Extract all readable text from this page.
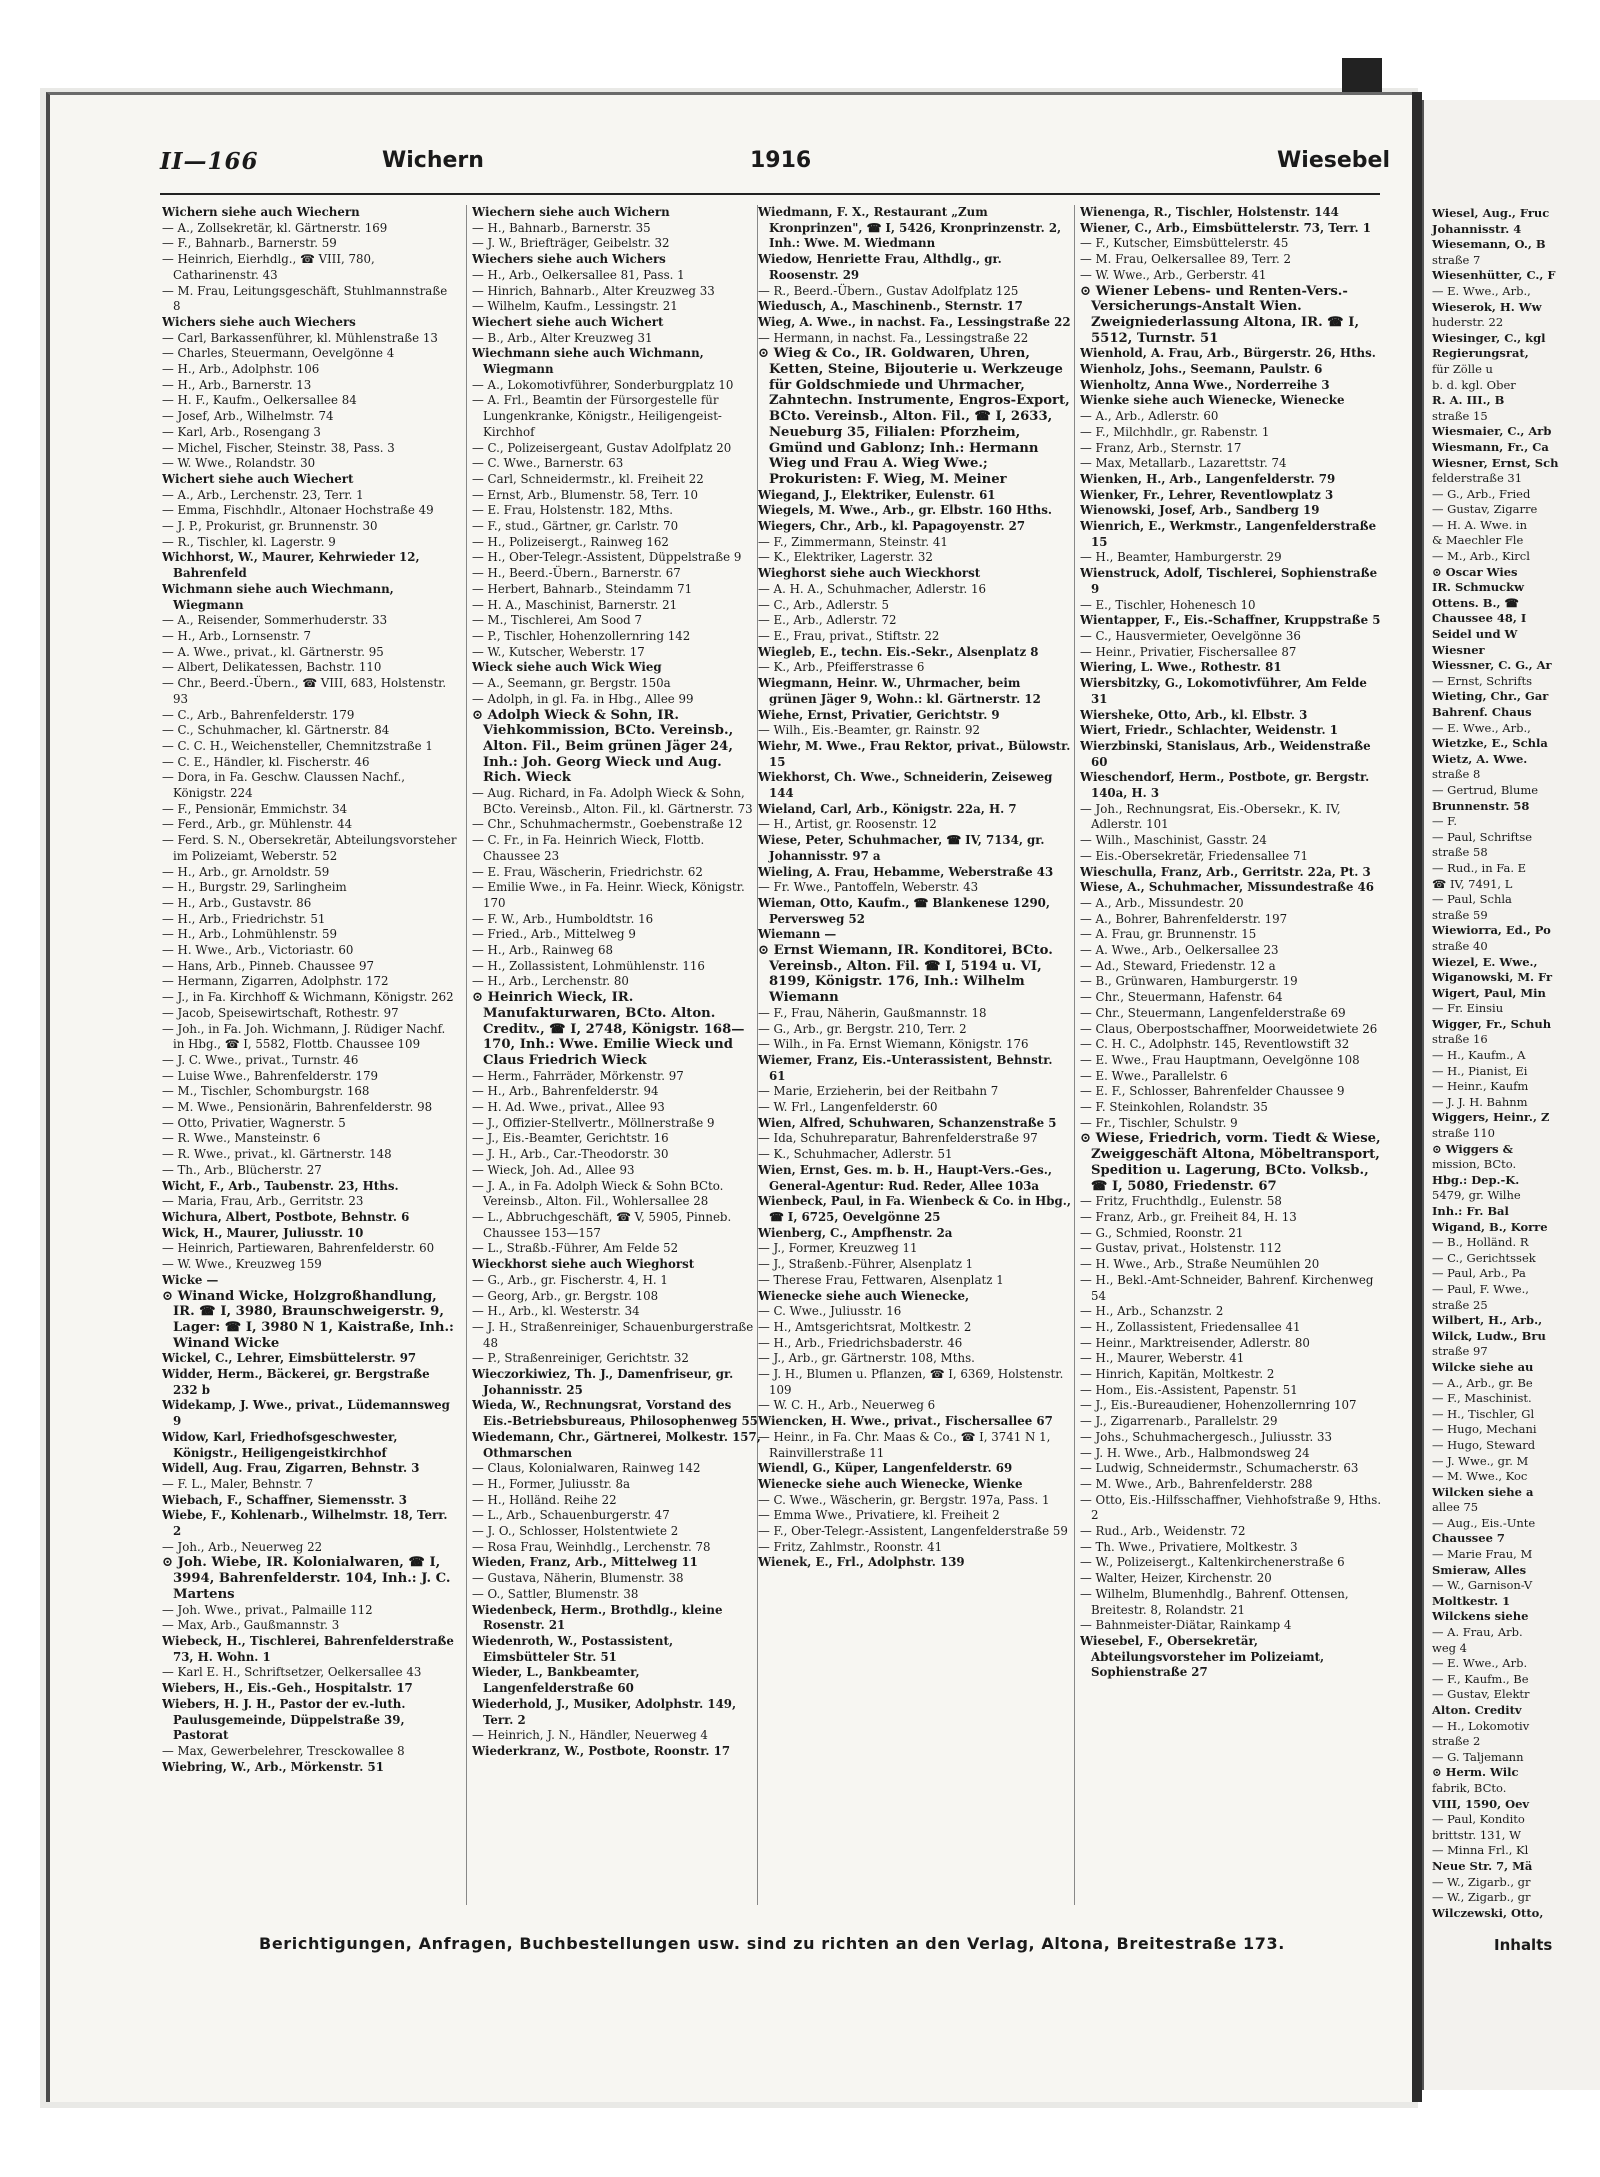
II—166	Wichern	1916	Wiesebel

Wichern siehe auch Wiechern

— A., Zollsekretär, kl. Gärtnerstr. 169

— F., Bahnarb., Barnerstr. 59

— Heinrich, Eierhdlg., ☎ VIII, 780, Catharinenstr. 43

— M. Frau, Leitungsgeschäft, Stuhlmannstraße 8

Wichers siehe auch Wiechers

— Carl, Barkassenführer, kl. Mühlenstraße 13

— Charles, Steuermann, Oevelgönne 4

— H., Arb., Adolphstr. 106

— H., Arb., Barnerstr. 13

— H. F., Kaufm., Oelkersallee 84

— Josef, Arb., Wilhelmstr. 74

— Karl, Arb., Rosengang 3

— Michel, Fischer, Steinstr. 38, Pass. 3

— W. Wwe., Rolandstr. 30

Wichert siehe auch Wiechert

— A., Arb., Lerchenstr. 23, Terr. 1

— Emma, Fischhdlr., Altonaer Hochstraße 49

— J. P., Prokurist, gr. Brunnenstr. 30

— R., Tischler, kl. Lagerstr. 9

Wichhorst, W., Maurer, Kehrwieder 12, Bahrenfeld

Wichmann siehe auch Wiechmann, Wiegmann

— A., Reisender, Sommerhuderstr. 33

— H., Arb., Lornsenstr. 7

— A. Wwe., privat., kl. Gärtnerstr. 95

— Albert, Delikatessen, Bachstr. 110

— Chr., Beerd.-Übern., ☎ VIII, 683, Holstenstr. 93

— C., Arb., Bahrenfelderstr. 179

— C., Schuhmacher, kl. Gärtnerstr. 84

— C. C. H., Weichensteller, Chemnitzstraße 1

— C. E., Händler, kl. Fischerstr. 46

— Dora, in Fa. Geschw. Claussen Nachf., Königstr. 224

— F., Pensionär, Emmichstr. 34

— Ferd., Arb., gr. Mühlenstr. 44

— Ferd. S. N., Obersekretär, Abteilungsvorsteher im Polizeiamt, Weberstr. 52

— H., Arb., gr. Arnoldstr. 59

— H., Burgstr. 29, Sarlingheim

— H., Arb., Gustavstr. 86

— H., Arb., Friedrichstr. 51

— H., Arb., Lohmühlenstr. 59

— H. Wwe., Arb., Victoriastr. 60

— Hans, Arb., Pinneb. Chaussee 97

— Hermann, Zigarren, Adolphstr. 172

— J., in Fa. Kirchhoff & Wichmann, Königstr. 262

— Jacob, Speisewirtschaft, Rothestr. 97

— Joh., in Fa. Joh. Wichmann, J. Rüdiger Nachf. in Hbg., ☎ I, 5582, Flottb. Chaussee 109

— J. C. Wwe., privat., Turnstr. 46

— Luise Wwe., Bahrenfelderstr. 179

— M., Tischler, Schomburgstr. 168

— M. Wwe., Pensionärin, Bahrenfelderstr. 98

— Otto, Privatier, Wagnerstr. 5

— R. Wwe., Mansteinstr. 6

— R. Wwe., privat., kl. Gärtnerstr. 148

— Th., Arb., Blücherstr. 27

Wicht, F., Arb., Taubenstr. 23, Hths.

— Maria, Frau, Arb., Gerritstr. 23

Wichura, Albert, Postbote, Behnstr. 6

Wick, H., Maurer, Juliusstr. 10

— Heinrich, Partiewaren, Bahrenfelderstr. 60

— W. Wwe., Kreuzweg 159

Wicke —

⊙ Winand Wicke, Holzgroßhandlung, IR. ☎ I, 3980, Braunschweigerstr. 9, Lager: ☎ I, 3980 N 1, Kaistraße, Inh.: Winand Wicke

Wickel, C., Lehrer, Eimsbüttelerstr. 97

Widder, Herm., Bäckerei, gr. Bergstraße 232 b

Widekamp, J. Wwe., privat., Lüdemannsweg 9

Widow, Karl, Friedhofsgeschwester, Königstr., Heiligengeistkirchhof

Widell, Aug. Frau, Zigarren, Behnstr. 3

— F. L., Maler, Behnstr. 7

Wiebach, F., Schaffner, Siemensstr. 3

Wiebe, F., Kohlenarb., Wilhelmstr. 18, Terr. 2

— Joh., Arb., Neuerweg 22

⊙ Joh. Wiebe, IR. Kolonialwaren, ☎ I, 3994, Bahrenfelderstr. 104, Inh.: J. C. Martens

— Joh. Wwe., privat., Palmaille 112

— Max, Arb., Gaußmannstr. 3

Wiebeck, H., Tischlerei, Bahrenfelderstraße 73, H. Wohn. 1

— Karl E. H., Schriftsetzer, Oelkersallee 43

Wiebers, H., Eis.-Geh., Hospitalstr. 17

Wiebers, H. J. H., Pastor der ev.-luth. Paulusgemeinde, Düppelstraße 39, Pastorat

— Max, Gewerbelehrer, Tresckowallee 8

Wiebring, W., Arb., Mörkenstr. 51

Wiechern siehe auch Wichern

— H., Bahnarb., Barnerstr. 35

— J. W., Briefträger, Geibelstr. 32

Wiechers siehe auch Wichers

— H., Arb., Oelkersallee 81, Pass. 1

— Hinrich, Bahnarb., Alter Kreuzweg 33

— Wilhelm, Kaufm., Lessingstr. 21

Wiechert siehe auch Wichert

— B., Arb., Alter Kreuzweg 31

Wiechmann siehe auch Wichmann, Wiegmann

— A., Lokomotivführer, Sonderburgplatz 10

— A. Frl., Beamtin der Fürsorgestelle für Lungenkranke, Königstr., Heiligengeist-Kirchhof

— C., Polizeisergeant, Gustav Adolfplatz 20

— C. Wwe., Barnerstr. 63

— Carl, Schneidermstr., kl. Freiheit 22

— Ernst, Arb., Blumenstr. 58, Terr. 10

— E. Frau, Holstenstr. 182, Mths.

— F., stud., Gärtner, gr. Carlstr. 70

— H., Polizeisergt., Rainweg 162

— H., Ober-Telegr.-Assistent, Düppelstraße 9

— H., Beerd.-Übern., Barnerstr. 67

— Herbert, Bahnarb., Steindamm 71

— H. A., Maschinist, Barnerstr. 21

— M., Tischlerei, Am Sood 7

— P., Tischler, Hohenzollernring 142

— W., Kutscher, Weberstr. 17

Wieck siehe auch Wick Wieg

— A., Seemann, gr. Bergstr. 150a

— Adolph, in gl. Fa. in Hbg., Allee 99

⊙ Adolph Wieck & Sohn, IR. Viehkommission, BCto. Vereinsb., Alton. Fil., Beim grünen Jäger 24, Inh.: Joh. Georg Wieck und Aug. Rich. Wieck

— Aug. Richard, in Fa. Adolph Wieck & Sohn, BCto. Vereinsb., Alton. Fil., kl. Gärtnerstr. 73

— Chr., Schuhmachermstr., Goebenstraße 12

— C. Fr., in Fa. Heinrich Wieck, Flottb. Chaussee 23

— E. Frau, Wäscherin, Friedrichstr. 62

— Emilie Wwe., in Fa. Heinr. Wieck, Königstr. 170

— F. W., Arb., Humboldtstr. 16

— Fried., Arb., Mittelweg 9

— H., Arb., Rainweg 68

— H., Zollassistent, Lohmühlenstr. 116

— H., Arb., Lerchenstr. 80

⊙ Heinrich Wieck, IR. Manufakturwaren, BCto. Alton. Creditv., ☎ I, 2748, Königstr. 168—170, Inh.: Wwe. Emilie Wieck und Claus Friedrich Wieck

— Herm., Fahrräder, Mörkenstr. 97

— H., Arb., Bahrenfelderstr. 94

— H. Ad. Wwe., privat., Allee 93

— J., Offizier-Stellvertr., Möllnerstraße 9

— J., Eis.-Beamter, Gerichtstr. 16

— J. H., Arb., Car.-Theodorstr. 30

— Wieck, Joh. Ad., Allee 93

— J. A., in Fa. Adolph Wieck & Sohn BCto. Vereinsb., Alton. Fil., Wohlersallee 28

— L., Abbruchgeschäft, ☎ V, 5905, Pinneb. Chaussee 153—157

— L., Straßb.-Führer, Am Felde 52

Wieckhorst siehe auch Wieghorst

— G., Arb., gr. Fischerstr. 4, H. 1

— Georg, Arb., gr. Bergstr. 108

— H., Arb., kl. Westerstr. 34

— J. H., Straßenreiniger, Schauenburgerstraße 48

— P., Straßenreiniger, Gerichtstr. 32

Wieczorkiwiez, Th. J., Damenfriseur, gr. Johannisstr. 25

Wieda, W., Rechnungsrat, Vorstand des Eis.-Betriebsbureaus, Philosophenweg 55

Wiedemann, Chr., Gärtnerei, Molkestr. 157, Othmarschen

— Claus, Kolonialwaren, Rainweg 142

— H., Former, Juliusstr. 8a

— H., Holländ. Reihe 22

— L., Arb., Schauenburgerstr. 47

— J. O., Schlosser, Holstentwiete 2

— Rosa Frau, Weinhdlg., Lerchenstr. 78

Wieden, Franz, Arb., Mittelweg 11

— Gustava, Näherin, Blumenstr. 38

— O., Sattler, Blumenstr. 38

Wiedenbeck, Herm., Brothdlg., kleine Rosenstr. 21

Wiedenroth, W., Postassistent, Eimsbütteler Str. 51

Wieder, L., Bankbeamter, Langenfelderstraße 60

Wiederhold, J., Musiker, Adolphstr. 149, Terr. 2

— Heinrich, J. N., Händler, Neuerweg 4

Wiederkranz, W., Postbote, Roonstr. 17

Wiedmann, F. X., Restaurant „Zum Kronprinzen", ☎ I, 5426, Kronprinzenstr. 2, Inh.: Wwe. M. Wiedmann

Wiedow, Henriette Frau, Althdlg., gr. Roosenstr. 29

— R., Beerd.-Übern., Gustav Adolfplatz 125

Wiedusch, A., Maschinenb., Sternstr. 17

Wieg, A. Wwe., in nachst. Fa., Lessingstraße 22

— Hermann, in nachst. Fa., Lessingstraße 22

⊙ Wieg & Co., IR. Goldwaren, Uhren, Ketten, Steine, Bijouterie u. Werkzeuge für Goldschmiede und Uhrmacher, Zahntechn. Instrumente, Engros-Export, BCto. Vereinsb., Alton. Fil., ☎ I, 2633, Neueburg 35, Filialen: Pforzheim, Gmünd und Gablonz; Inh.: Hermann Wieg und Frau A. Wieg Wwe.; Prokuristen: F. Wieg, M. Meiner

Wiegand, J., Elektriker, Eulenstr. 61

Wiegels, M. Wwe., Arb., gr. Elbstr. 160 Hths.

Wiegers, Chr., Arb., kl. Papagoyenstr. 27

— F., Zimmermann, Steinstr. 41

— K., Elektriker, Lagerstr. 32

Wieghorst siehe auch Wieckhorst

— A. H. A., Schuhmacher, Adlerstr. 16

— C., Arb., Adlerstr. 5

— E., Arb., Adlerstr. 72

— E., Frau, privat., Stiftstr. 22

Wiegleb, E., techn. Eis.-Sekr., Alsenplatz 8

— K., Arb., Pfeifferstrasse 6

Wiegmann, Heinr. W., Uhrmacher, beim grünen Jäger 9, Wohn.: kl. Gärtnerstr. 12

Wiehe, Ernst, Privatier, Gerichtstr. 9

— Wilh., Eis.-Beamter, gr. Rainstr. 92

Wiehr, M. Wwe., Frau Rektor, privat., Bülowstr. 15

Wiekhorst, Ch. Wwe., Schneiderin, Zeiseweg 144

Wieland, Carl, Arb., Königstr. 22a, H. 7

— H., Artist, gr. Roosenstr. 12

Wiese, Peter, Schuhmacher, ☎ IV, 7134, gr. Johannisstr. 97 a

Wieling, A. Frau, Hebamme, Weberstraße 43

— Fr. Wwe., Pantoffeln, Weberstr. 43

Wieman, Otto, Kaufm., ☎ Blankenese 1290, Perversweg 52

Wiemann —

⊙ Ernst Wiemann, IR. Konditorei, BCto. Vereinsb., Alton. Fil. ☎ I, 5194 u. VI, 8199, Königstr. 176, Inh.: Wilhelm Wiemann

— F., Frau, Näherin, Gaußmannstr. 18

— G., Arb., gr. Bergstr. 210, Terr. 2

— Wilh., in Fa. Ernst Wiemann, Königstr. 176

Wiemer, Franz, Eis.-Unterassistent, Behnstr. 61

— Marie, Erzieherin, bei der Reitbahn 7

— W. Frl., Langenfelderstr. 60

Wien, Alfred, Schuhwaren, Schanzenstraße 5

— Ida, Schuhreparatur, Bahrenfelderstraße 97

— K., Schuhmacher, Adlerstr. 51

Wien, Ernst, Ges. m. b. H., Haupt-Vers.-Ges., General-Agentur: Rud. Reder, Allee 103a

Wienbeck, Paul, in Fa. Wienbeck & Co. in Hbg., ☎ I, 6725, Oevelgönne 25

Wienberg, C., Ampfhenstr. 2a

— J., Former, Kreuzweg 11

— J., Straßenb.-Führer, Alsenplatz 1

— Therese Frau, Fettwaren, Alsenplatz 1

Wienecke siehe auch Wienecke,

— C. Wwe., Juliusstr. 16

— H., Amtsgerichtsrat, Moltkestr. 2

— H., Arb., Friedrichsbaderstr. 46

— J., Arb., gr. Gärtnerstr. 108, Mths.

— J. H., Blumen u. Pflanzen, ☎ I, 6369, Holstenstr. 109

— W. C. H., Arb., Neuerweg 6

Wiencken, H. Wwe., privat., Fischersallee 67

— Heinr., in Fa. Chr. Maas & Co., ☎ I, 3741 N 1, Rainvillerstraße 11

Wiendl, G., Küper, Langenfelderstr. 69

Wienecke siehe auch Wienecke, Wienke

— C. Wwe., Wäscherin, gr. Bergstr. 197a, Pass. 1

— Emma Wwe., Privatiere, kl. Freiheit 2

— F., Ober-Telegr.-Assistent, Langenfelderstraße 59

— Fritz, Zahlmstr., Roonstr. 41

Wienek, E., Frl., Adolphstr. 139

Wienenga, R., Tischler, Holstenstr. 144

Wiener, C., Arb., Eimsbüttelerstr. 73, Terr. 1

— F., Kutscher, Eimsbüttelerstr. 45

— M. Frau, Oelkersallee 89, Terr. 2

— W. Wwe., Arb., Gerberstr. 41

⊙ Wiener Lebens- und Renten-Vers.-Versicherungs-Anstalt Wien. Zweigniederlassung Altona, IR. ☎ I, 5512, Turnstr. 51

Wienhold, A. Frau, Arb., Bürgerstr. 26, Hths.

Wienholz, Johs., Seemann, Paulstr. 6

Wienholtz, Anna Wwe., Norderreihe 3

Wienke siehe auch Wienecke, Wienecke

— A., Arb., Adlerstr. 60

— F., Milchhdlr., gr. Rabenstr. 1

— Franz, Arb., Sternstr. 17

— Max, Metallarb., Lazarettstr. 74

Wienken, H., Arb., Langenfelderstr. 79

Wienker, Fr., Lehrer, Reventlowplatz 3

Wienowski, Josef, Arb., Sandberg 19

Wienrich, E., Werkmstr., Langenfelderstraße 15

— H., Beamter, Hamburgerstr. 29

Wienstruck, Adolf, Tischlerei, Sophienstraße 9

— E., Tischler, Hohenesch 10

Wientapper, F., Eis.-Schaffner, Kruppstraße 5

— C., Hausvermieter, Oevelgönne 36

— Heinr., Privatier, Fischersallee 87

Wiering, L. Wwe., Rothestr. 81

Wiersbitzky, G., Lokomotivführer, Am Felde 31

Wiersheke, Otto, Arb., kl. Elbstr. 3

Wiert, Friedr., Schlachter, Weidenstr. 1

Wierzbinski, Stanislaus, Arb., Weidenstraße 60

Wieschendorf, Herm., Postbote, gr. Bergstr. 140a, H. 3

— Joh., Rechnungsrat, Eis.-Obersekr., K. IV, Adlerstr. 101

— Wilh., Maschinist, Gasstr. 24

— Eis.-Obersekretär, Friedensallee 71

Wieschulla, Franz, Arb., Gerritstr. 22a, Pt. 3

Wiese, A., Schuhmacher, Missundestraße 46

— A., Arb., Missundestr. 20

— A., Bohrer, Bahrenfelderstr. 197

— A. Frau, gr. Brunnenstr. 15

— A. Wwe., Arb., Oelkersallee 23

— Ad., Steward, Friedenstr. 12 a

— B., Grünwaren, Hamburgerstr. 19

— Chr., Steuermann, Hafenstr. 64

— Chr., Steuermann, Langenfelderstraße 69

— Claus, Oberpostschaffner, Moorweidetwiete 26

— C. H. C., Adolphstr. 145, Reventlowstift 32

— E. Wwe., Frau Hauptmann, Oevelgönne 108

— E. Wwe., Parallelstr. 6

— E. F., Schlosser, Bahrenfelder Chaussee 9

— F. Steinkohlen, Rolandstr. 35

— Fr., Tischler, Schulstr. 9

⊙ Wiese, Friedrich, vorm. Tiedt & Wiese, Zweiggeschäft Altona, Möbeltransport, Spedition u. Lagerung, BCto. Volksb., ☎ I, 5080, Friedenstr. 67

— Fritz, Fruchthdlg., Eulenstr. 58

— Franz, Arb., gr. Freiheit 84, H. 13

— G., Schmied, Roonstr. 21

— Gustav, privat., Holstenstr. 112

— H. Wwe., Arb., Straße Neumühlen 20

— H., Bekl.-Amt-Schneider, Bahrenf. Kirchenweg 54

— H., Arb., Schanzstr. 2

— H., Zollassistent, Friedensallee 41

— Heinr., Marktreisender, Adlerstr. 80

— H., Maurer, Weberstr. 41

— Hinrich, Kapitän, Moltkestr. 2

— Hom., Eis.-Assistent, Papenstr. 51

— J., Eis.-Bureaudiener, Hohenzollernring 107

— J., Zigarrenarb., Parallelstr. 29

— Johs., Schuhmachergesch., Juliusstr. 33

— J. H. Wwe., Arb., Halbmondsweg 24

— Ludwig, Schneidermstr., Schumacherstr. 63

— M. Wwe., Arb., Bahrenfelderstr. 288

— Otto, Eis.-Hilfsschaffner, Viehhofstraße 9, Hths. 2

— Rud., Arb., Weidenstr. 72

— Th. Wwe., Privatiere, Moltkestr. 3

— W., Polizeisergt., Kaltenkirchenerstraße 6

— Walter, Heizer, Kirchenstr. 20

— Wilhelm, Blumenhdlg., Bahrenf. Ottensen, Breitestr. 8, Rolandstr. 21

— Bahnmeister-Diätar, Rainkamp 4

Wiesebel, F., Obersekretär, Abteilungsvorsteher im Polizeiamt, Sophienstraße 27

Berichtigungen, Anfragen, Buchbestellungen usw. sind zu richten an den Verlag, Altona, Breitestraße 173.
Wiesel, Aug., Fruc
Johannisstr. 4
Wiesemann, O., B
straße 7
Wiesenhütter, C., F
— E. Wwe., Arb.,
Wieserok, H. Ww
huderstr. 22
Wiesinger, C., kgl
Regierungsrat,
für Zölle u
b. d. kgl. Ober
R. A. III., B
straße 15
Wiesmaier, C., Arb
Wiesmann, Fr., Ca
Wiesner, Ernst, Sch
felderstraße 31
— G., Arb., Fried
— Gustav, Zigarre
— H. A. Wwe. in
& Maechler Fle
— M., Arb., Kircl
⊙ Oscar Wies
IR. Schmuckw
Ottens. B., ☎
Chaussee 48, I
Seidel und W
Wiesner
Wiessner, C. G., Ar
— Ernst, Schrifts
Wieting, Chr., Gar
Bahrenf. Chaus
— E. Wwe., Arb.,
Wietzke, E., Schla
Wietz, A. Wwe.
straße 8
— Gertrud, Blume
Brunnenstr. 58
— F.
— Paul, Schriftse
straße 58
— Rud., in Fa. E
☎ IV, 7491, L
— Paul, Schla
straße 59
Wiewiorra, Ed., Po
straße 40
Wiezel, E. Wwe.,
Wiganowski, M. Fr
Wigert, Paul, Min
— Fr. Einsiu
Wigger, Fr., Schuh
straße 16
— H., Kaufm., A
— H., Pianist, Ei
— Heinr., Kaufm
— J. J. H. Bahnm
Wiggers, Heinr., Z
straße 110
⊙ Wiggers &
mission, BCto.
Hbg.: Dep.-K.
5479, gr. Wilhe
Inh.: Fr. Bal
Wigand, B., Korre
— B., Holländ. R
— C., Gerichtssek
— Paul, Arb., Pa
— Paul, F. Wwe.,
straße 25
Wilbert, H., Arb.,
Wilck, Ludw., Bru
straße 97
Wilcke siehe au
— A., Arb., gr. Be
— F., Maschinist.
— H., Tischler, Gl
— Hugo, Mechani
— Hugo, Steward
— J. Wwe., gr. M
— M. Wwe., Koc
Wilcken siehe a
allee 75
— Aug., Eis.-Unte
Chaussee 7
— Marie Frau, M
Smieraw, Alles
— W., Garnison-V
Moltkestr. 1
Wilckens siehe
— A. Frau, Arb.
weg 4
— E. Wwe., Arb.
— F., Kaufm., Be
— Gustav, Elektr
Alton. Creditv
— H., Lokomotiv
straße 2
— G. Taljemann
⊙ Herm. Wilc
fabrik, BCto.
VIII, 1590, Oev
— Paul, Kondito
brittstr. 131, W
— Minna Frl., Kl
Neue Str. 7, Mä
— W., Zigarb., gr
— W., Zigarb., gr
Wilczewski, Otto,
Inhalts
